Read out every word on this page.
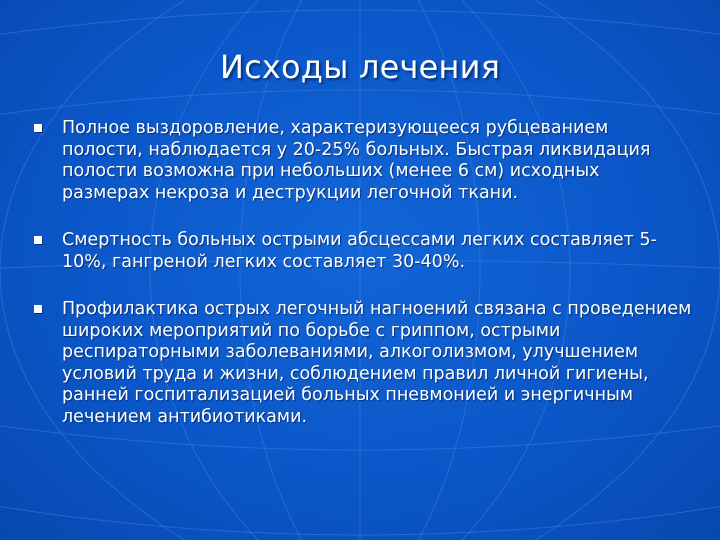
Исходы лечения
Полное выздоровление, характеризующееся рубцеванием полости, наблюдается у 20-25% больных. Быстрая ликвидация полости возможна при небольших (менее 6 см) исходных размерах некроза и деструкции легочной ткани.
Смертность больных острыми абсцессами легких составляет 5-10%, гангреной легких составляет 30-40%.
Профилактика острых легочный нагноений связана с проведением широких мероприятий по борьбе с гриппом, острыми респираторными заболеваниями, алкоголизмом, улучшением условий труда и жизни, соблюдением правил личной гигиены, ранней госпитализацией больных пневмонией и энергичным лечением антибиотиками.
